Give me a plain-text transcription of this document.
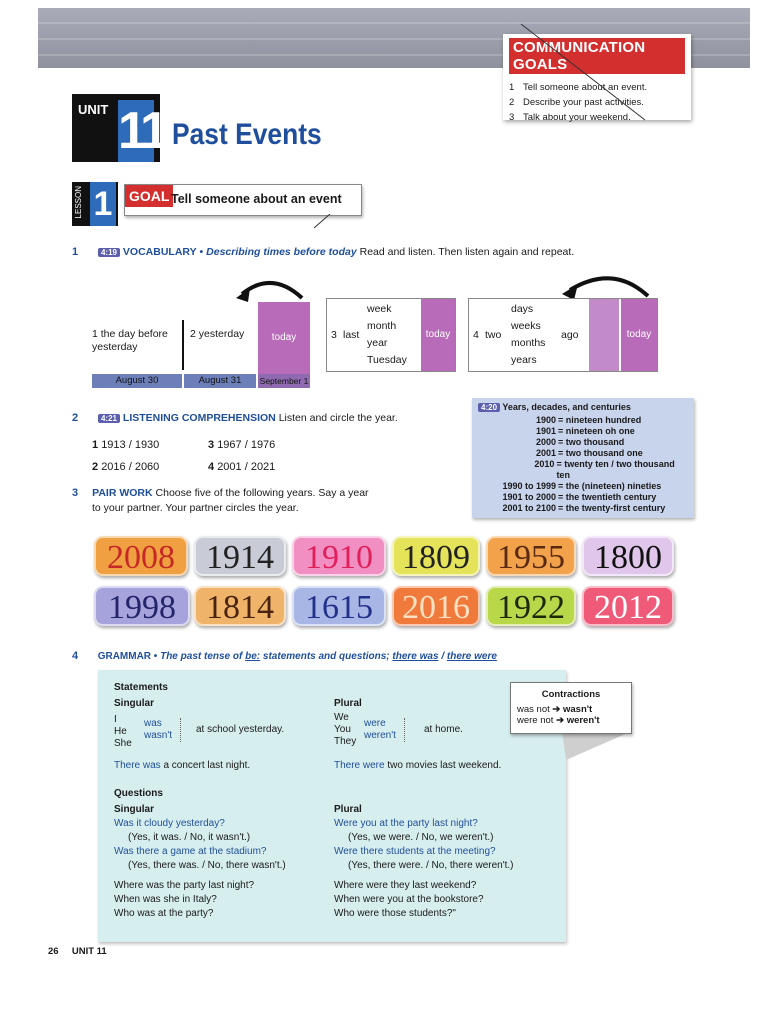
COMMUNICATION GOALS
1 Tell someone about an event.
2 Describe your past activities.
3 Talk about your weekend.
UNIT 11 Past Events
LESSON 1 GOAL Tell someone about an event
1	4:19 VOCABULARY • Describing times before today Read and listen. Then listen again and repeat.
1 the day before yesterday
2 yesterday	today
August 30	August 31	September 1
3 last
week
month
year
Tuesday
today	4 two
days
weeks
months
years
ago	today
2	4:21 LISTENING COMPREHENSION Listen and circle the year.
1 1913 / 1930
2 2016 / 2060
3 1967 / 1976
4 2001 / 2021
4:20 Years, decades, and centuries
1900 = nineteen hundred
1901 = nineteen oh one
2000 = two thousand
2001 = two thousand one
2010 = twenty ten / two thousand ten
1990 to 1999 = the (nineteen) nineties
1901 to 2000 = the twentieth century
2001 to 2100 = the twenty-first century
3 PAIR WORK Choose five of the following years. Say a year
to your partner. Your partner circles the year.
2008 1914 1910 1809 1955 1800
1998 1814 1615 2016 1922 2012
4 GRAMMAR • The past tense of be: statements and questions; there was / there were
Statements
Singular
I
He
She
was
wasn't
at school yesterday.
Plural
We
You
They
were
weren't
at home.
There was a concert last night.	There were two movies last weekend.
Questions
Singular
Was it cloudy yesterday?
(Yes, it was. / No, it wasn't.)
Was there a game at the stadium?
(Yes, there was. / No, there wasn't.)
Plural
Were you at the party last night?
(Yes, we were. / No, we weren't.)
Were there students at the meeting?
(Yes, there were. / No, there weren't.)
Where was the party last night?
When was she in Italy?
Who was at the party?
Where were they last weekend?
When were you at the bookstore?
Who were those students?"
Contractions
was not ➔ wasn't
were not ➔ weren't
26 UNIT 11
